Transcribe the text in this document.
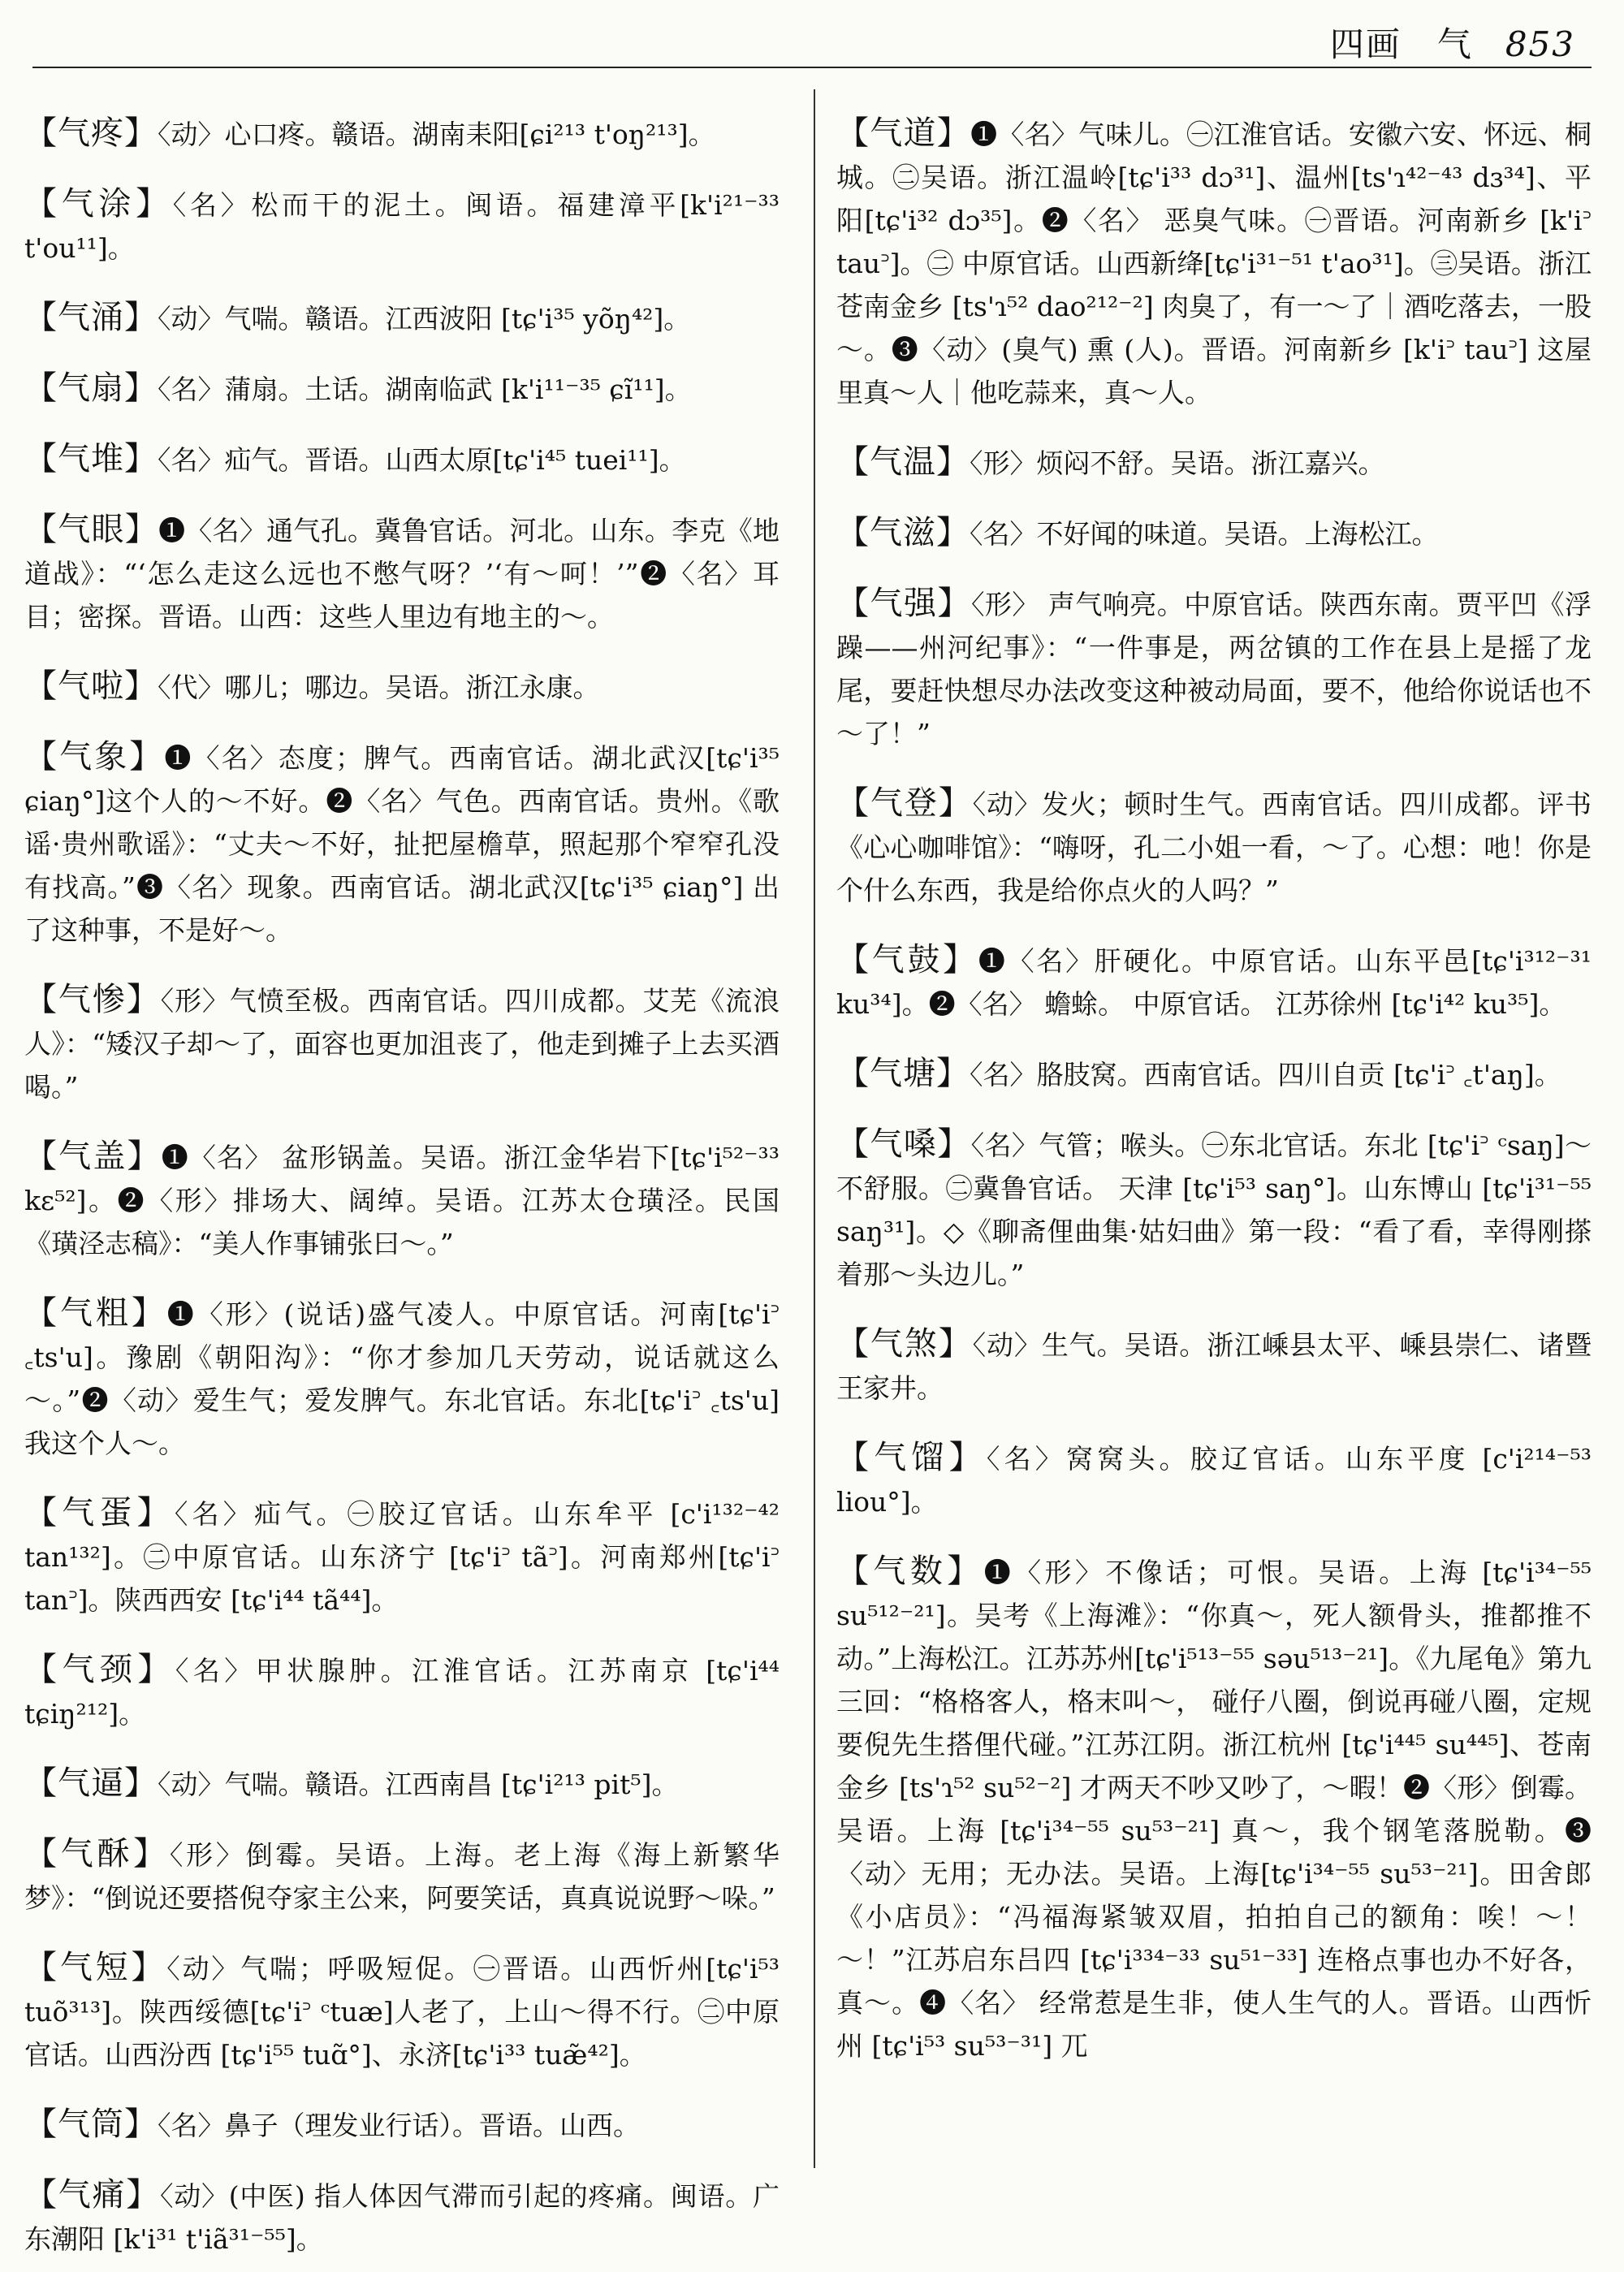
四画　气 853

【气疼】〈动〉心口疼。赣语。湖南耒阳[ɕi²¹³ t'oŋ²¹³]。

【气涂】〈名〉松而干的泥土。闽语。福建漳平[k'i²¹⁻³³ t'ou¹¹]。

【气涌】〈动〉气喘。赣语。江西波阳 [tɕ'i³⁵ yõŋ⁴²]。

【气扇】〈名〉蒲扇。土话。湖南临武 [k'i¹¹⁻³⁵ ɕĩ¹¹]。

【气堆】〈名〉疝气。晋语。山西太原[tɕ'i⁴⁵ tuei¹¹]。

【气眼】❶〈名〉通气孔。冀鲁官话。河北。山东。李克《地道战》：“‘怎么走这么远也不憋气呀？’‘有～呵！’”❷〈名〉耳目；密探。晋语。山西：这些人里边有地主的～。

【气啦】〈代〉哪儿；哪边。吴语。浙江永康。

【气象】❶〈名〉态度；脾气。西南官话。湖北武汉[tɕ'i³⁵ ɕiaŋ°]这个人的～不好。❷〈名〉气色。西南官话。贵州。《歌谣·贵州歌谣》：“丈夫～不好，扯把屋檐草，照起那个窄窄孔没有找高。”❸〈名〉现象。西南官话。湖北武汉[tɕ'i³⁵ ɕiaŋ°] 出了这种事，不是好～。

【气惨】〈形〉气愤至极。西南官话。四川成都。艾芜《流浪人》：“矮汉子却～了，面容也更加沮丧了，他走到摊子上去买酒喝。”

【气盖】❶〈名〉 盆形锅盖。吴语。浙江金华岩下[tɕ'i⁵²⁻³³ kɛ⁵²]。❷〈形〉排场大、阔绰。吴语。江苏太仓璜泾。民国《璜泾志稿》：“美人作事铺张曰～。”

【气粗】❶〈形〉(说话)盛气凌人。中原官话。河南[tɕ'i꜄ ꜀ts'u]。豫剧《朝阳沟》：“你才参加几天劳动，说话就这么～。”❷〈动〉爱生气；爱发脾气。东北官话。东北[tɕ'i꜄ ꜀ts'u] 我这个人～。

【气蛋】〈名〉疝气。㊀胶辽官话。山东牟平 [c'i¹³²⁻⁴² tan¹³²]。㊁中原官话。山东济宁 [tɕ'i꜄ tã꜄]。河南郑州[tɕ'i꜄ tan꜄]。陕西西安 [tɕ'i⁴⁴ tã⁴⁴]。

【气颈】〈名〉甲状腺肿。江淮官话。江苏南京 [tɕ'i⁴⁴ tɕiŋ²¹²]。

【气逼】〈动〉气喘。赣语。江西南昌 [tɕ'i²¹³ pit⁵]。

【气酥】〈形〉倒霉。吴语。上海。老上海《海上新繁华梦》：“倒说还要搭倪夺家主公来，阿要笑话，真真说说野～哚。”

【气短】〈动〉气喘；呼吸短促。㊀晋语。山西忻州[tɕ'i⁵³ tuõ³¹³]。陕西绥德[tɕ'i꜄ ᶜtuæ]人老了，上山～得不行。㊁中原官话。山西汾西 [tɕ'i⁵⁵ tuɑ̃°]、永济[tɕ'i³³ tuæ̃⁴²]。

【气筒】〈名〉鼻子（理发业行话）。晋语。山西。

【气痛】〈动〉(中医) 指人体因气滞而引起的疼痛。闽语。广东潮阳 [k'i³¹ t'iã³¹⁻⁵⁵]。

【气道】❶〈名〉气味儿。㊀江淮官话。安徽六安、怀远、桐城。㊁吴语。浙江温岭[tɕ'i³³ dɔ³¹]、温州[ts'ɿ⁴²⁻⁴³ dɜ³⁴]、平阳[tɕ'i³² dɔ³⁵]。❷〈名〉 恶臭气味。㊀晋语。河南新乡 [k'i꜄ tau꜄]。㊁ 中原官话。山西新绛[tɕ'i³¹⁻⁵¹ t'ao³¹]。㊂吴语。浙江苍南金乡 [ts'ɿ⁵² dao²¹²⁻²] 肉臭了，有一～了｜酒吃落去，一股～。❸〈动〉(臭气) 熏 (人)。晋语。河南新乡 [k'i꜄ tau꜄] 这屋里真～人｜他吃蒜来，真～人。

【气温】〈形〉烦闷不舒。吴语。浙江嘉兴。

【气滋】〈名〉不好闻的味道。吴语。上海松江。

【气强】〈形〉 声气响亮。中原官话。陕西东南。贾平凹《浮躁——州河纪事》：“一件事是，两岔镇的工作在县上是摇了龙尾，要赶快想尽办法改变这种被动局面，要不，他给你说话也不～了！”

【气登】〈动〉发火；顿时生气。西南官话。四川成都。评书《心心咖啡馆》：“嗨呀，孔二小姐一看，～了。心想：吔！你是个什么东西，我是给你点火的人吗？”

【气鼓】❶〈名〉肝硬化。中原官话。山东平邑[tɕ'i³¹²⁻³¹ ku³⁴]。❷〈名〉 蟾蜍。 中原官话。 江苏徐州 [tɕ'i⁴² ku³⁵]。

【气塘】〈名〉胳肢窝。西南官话。四川自贡 [tɕ'i꜄ ꜀t'aŋ]。

【气嗓】〈名〉气管；喉头。㊀东北官话。东北 [tɕ'i꜄ ᶜsaŋ]～不舒服。㊁冀鲁官话。 天津 [tɕ'i⁵³ saŋ°]。山东博山 [tɕ'i³¹⁻⁵⁵ saŋ³¹]。◇《聊斋俚曲集·姑妇曲》第一段：“看了看，幸得刚搽着那～头边儿。”

【气煞】〈动〉生气。吴语。浙江嵊县太平、嵊县崇仁、诸暨王家井。

【气馏】〈名〉窝窝头。胶辽官话。山东平度 [c'i²¹⁴⁻⁵³ liou°]。

【气数】❶〈形〉不像话；可恨。吴语。上海 [tɕ'i³⁴⁻⁵⁵ su⁵¹²⁻²¹]。吴考《上海滩》：“你真～，死人额骨头，推都推不动。”上海松江。江苏苏州[tɕ'i⁵¹³⁻⁵⁵ səu⁵¹³⁻²¹]。《九尾龟》第九三回：“格格客人，格末叫～， 碰仔八圈，倒说再碰八圈，定规要倪先生搭俚代碰。”江苏江阴。浙江杭州 [tɕ'i⁴⁴⁵ su⁴⁴⁵]、苍南金乡 [ts'ɿ⁵² su⁵²⁻²] 才两天不吵又吵了，～暇！❷〈形〉倒霉。吴语。上海 [tɕ'i³⁴⁻⁵⁵ su⁵³⁻²¹] 真～，我个钢笔落脱勒。❸〈动〉无用；无办法。吴语。上海[tɕ'i³⁴⁻⁵⁵ su⁵³⁻²¹]。田舍郎《小店员》：“冯福海紧皱双眉，拍拍自己的额角：唉！～！～！”江苏启东吕四 [tɕ'i³³⁴⁻³³ su⁵¹⁻³³] 连格点事也办不好各，真～。❹〈名〉 经常惹是生非，使人生气的人。晋语。山西忻州 [tɕ'i⁵³ su⁵³⁻³¹] 兀
